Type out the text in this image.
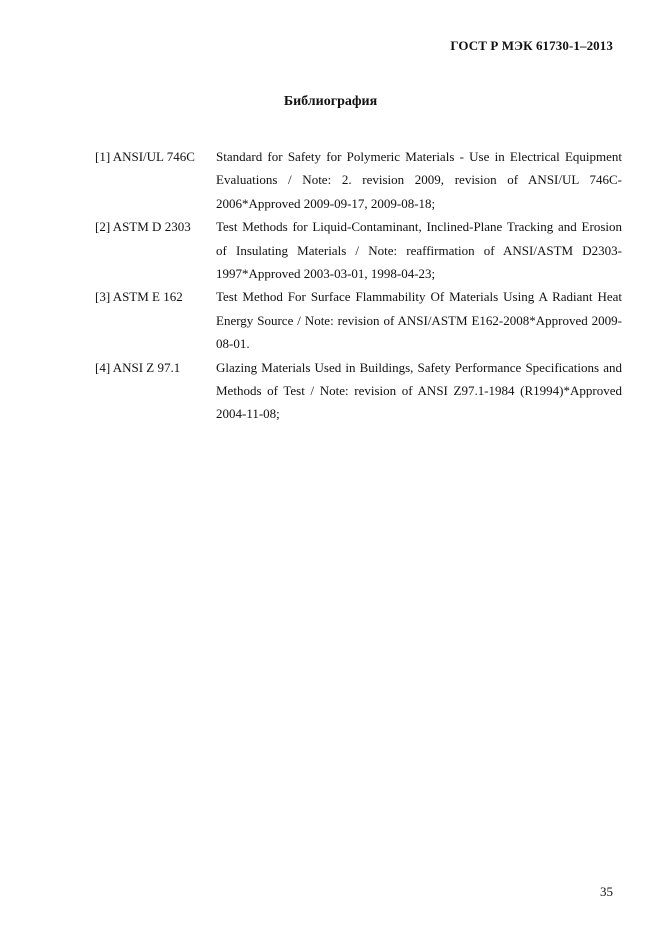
ГОСТ Р МЭК 61730-1–2013
Библиография
[1] ANSI/UL 746C	Standard for Safety for Polymeric Materials - Use in Electrical Equipment Evaluations / Note: 2. revision 2009, revision of ANSI/UL 746C-2006*Approved 2009-09-17, 2009-08-18;
[2] ASTM D 2303	Test Methods for Liquid-Contaminant, Inclined-Plane Tracking and Erosion of Insulating Materials / Note: reaffirmation of ANSI/ASTM D2303-1997*Approved 2003-03-01, 1998-04-23;
[3] ASTM E 162	Test Method For Surface Flammability Of Materials Using A Radiant Heat Energy Source / Note: revision of ANSI/ASTM E162-2008*Approved 2009-08-01.
[4] ANSI Z 97.1	Glazing Materials Used in Buildings, Safety Performance Specifications and Methods of Test / Note: revision of ANSI Z97.1-1984 (R1994)*Approved 2004-11-08;
35
